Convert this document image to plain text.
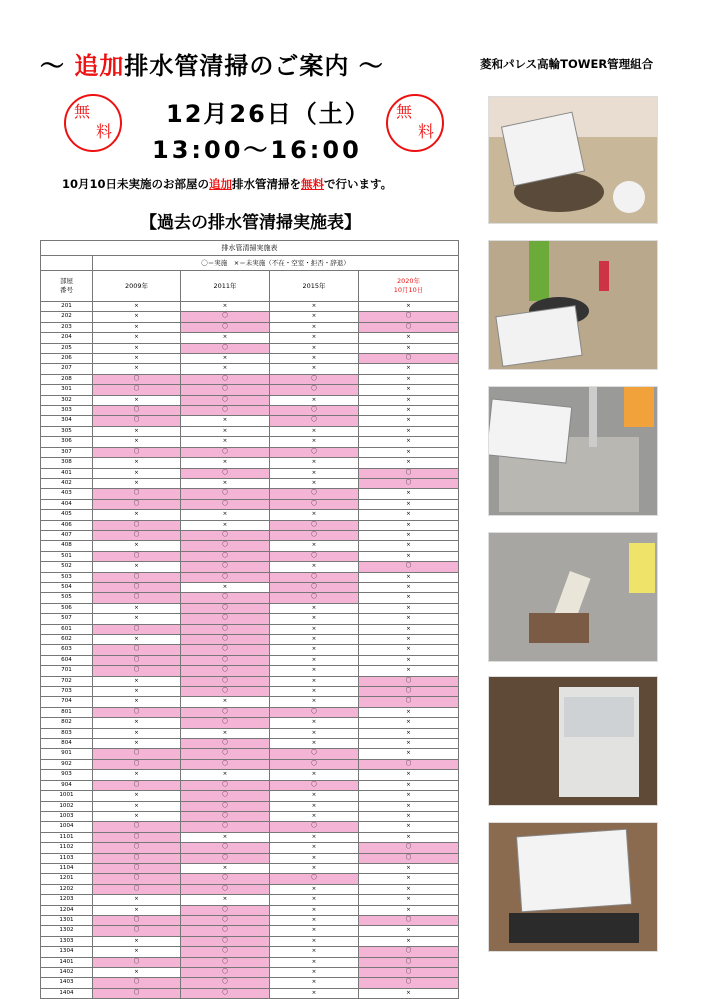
〜 追加排水管清掃のご案内 〜	菱和パレス高輪TOWER管理組合
無
料
無
料
12月26日（土）
13:00〜16:00
10月10日未実施のお部屋の追加排水管清掃を無料で行います。
【過去の排水管清掃実施表】
排水管清掃実施表				
	〇＝実施　×＝未実施（不在・空室・拒否・辞退）			
部屋
番号	2009年	2011年	2015年	2020年
10月10日
201	×	×	×	×
202	×	〇	×	〇
203	×	〇	×	〇
204	×	×	×	×
205	×	〇	×	×
206	×	×	×	〇
207	×	×	×	×
208	〇	〇	〇	×
301	〇	〇	〇	×
302	×	〇	×	×
303	〇	〇	〇	×
304	〇	×	〇	×
305	×	×	×	×
306	×	×	×	×
307	〇	〇	〇	×
308	×	×	×	×
401	×	〇	×	〇
402	×	×	×	〇
403	〇	〇	〇	×
404	〇	〇	〇	×
405	×	×	×	×
406	〇	×	〇	×
407	〇	〇	〇	×
408	×	〇	×	×
501	〇	〇	〇	×
502	×	〇	×	〇
503	〇	〇	〇	×
504	〇	×	〇	×
505	〇	〇	〇	×
506	×	〇	×	×
507	×	〇	×	×
601	〇	〇	×	×
602	×	〇	×	×
603	〇	〇	×	×
604	〇	〇	×	×
701	〇	〇	×	×
702	×	〇	×	〇
703	×	〇	×	〇
704	×	×	×	〇
801	〇	〇	〇	×
802	×	〇	×	×
803	×	×	×	×
804	×	〇	×	×
901	〇	〇	〇	×
902	〇	〇	〇	〇
903	×	×	×	×
904	〇	〇	〇	×
1001	×	〇	×	×
1002	×	〇	×	×
1003	×	〇	×	×
1004	〇	〇	〇	×
1101	〇	×	×	×
1102	〇	〇	×	〇
1103	〇	〇	×	〇
1104	〇	×	×	×
1201	〇	〇	〇	×
1202	〇	〇	×	×
1203	×	×	×	×
1204	×	〇	×	×
1301	〇	〇	×	〇
1302	〇	〇	×	×
1303	×	〇	×	×
1304	×	〇	×	〇
1401	〇	〇	×	〇
1402	×	〇	×	〇
1403	〇	〇	×	〇
1404	〇	〇	×	×
